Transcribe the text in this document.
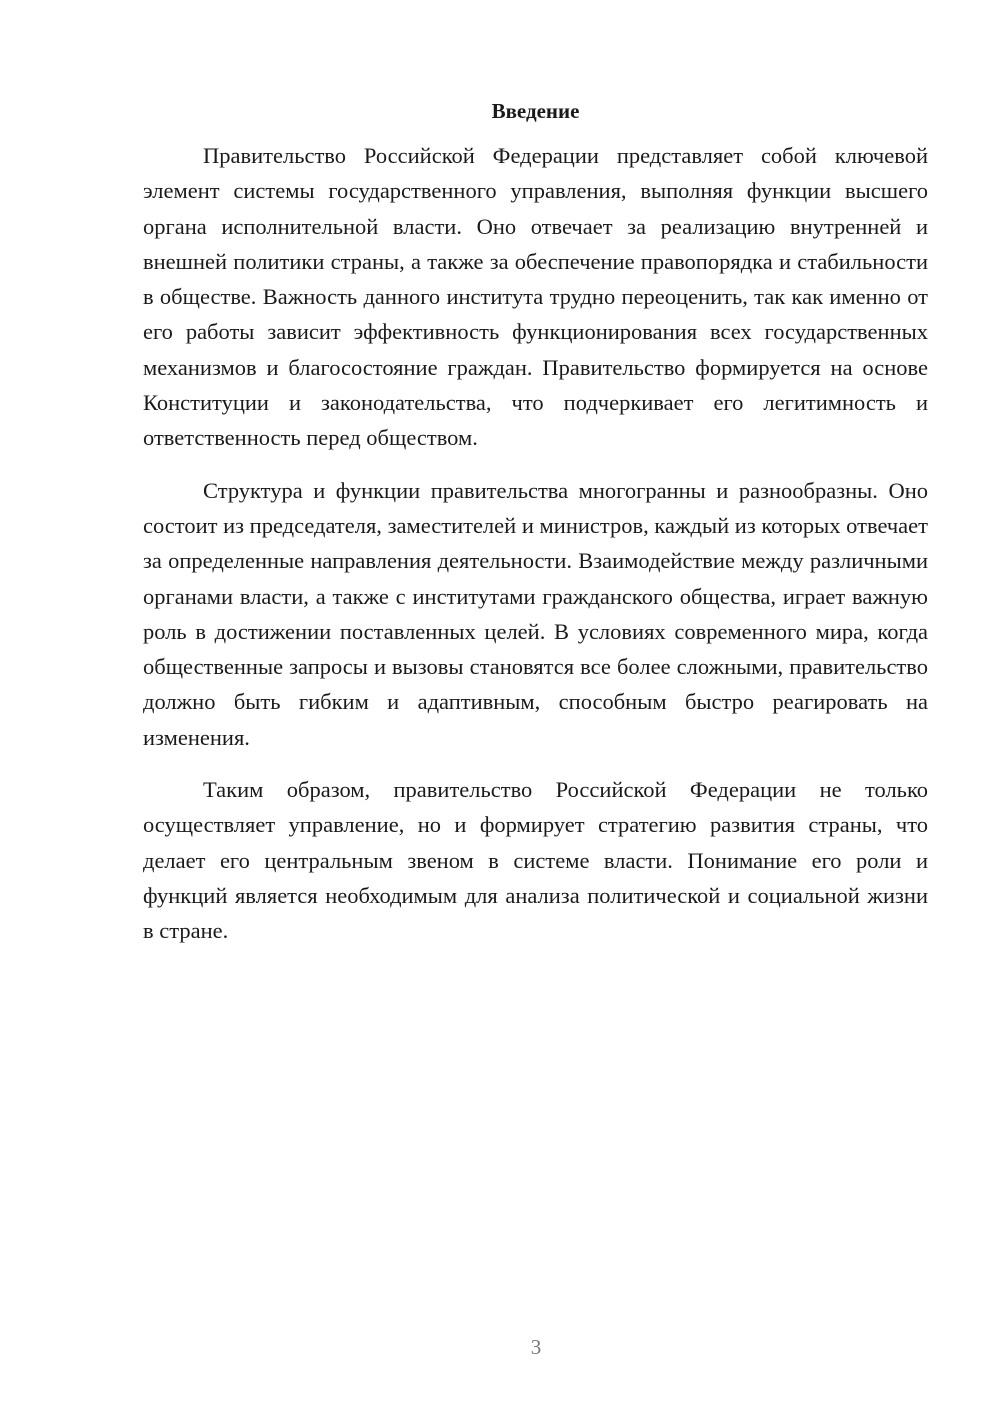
Введение

Правительство Российской Федерации представляет собой ключевой элемент системы государственного управления, выполняя функции высшего органа исполнительной власти. Оно отвечает за реализацию внутренней и внешней политики страны, а также за обеспечение правопорядка и стабильности в обществе. Важность данного института трудно переоценить, так как именно от его работы зависит эффективность функционирования всех государственных механизмов и благосостояние граждан. Правительство формируется на основе Конституции и законодательства, что подчеркивает его легитимность и ответственность перед обществом.

Структура и функции правительства многогранны и разнообразны. Оно состоит из председателя, заместителей и министров, каждый из которых отвечает за определенные направления деятельности. Взаимодействие между различными органами власти, а также с институтами гражданского общества, играет важную роль в достижении поставленных целей. В условиях современного мира, когда общественные запросы и вызовы становятся все более сложными, правительство должно быть гибким и адаптивным, способным быстро реагировать на изменения.

Таким образом, правительство Российской Федерации не только осуществляет управление, но и формирует стратегию развития страны, что делает его центральным звеном в системе власти. Понимание его роли и функций является необходимым для анализа политической и социальной жизни в стране.

3
